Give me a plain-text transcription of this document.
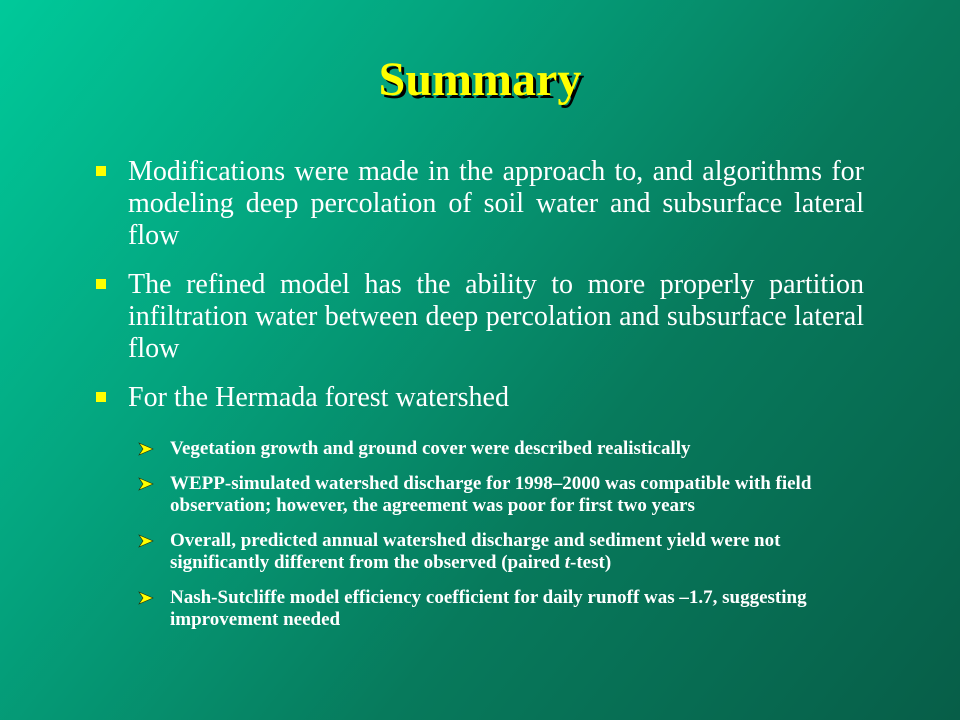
Summary
Modifications were made in the approach to, and algorithms for modeling deep percolation of soil water and subsurface lateral flow
The refined model has the ability to more properly partition infiltration water between deep percolation and subsurface lateral flow
For the Hermada forest watershed
Vegetation growth and ground cover were described realistically
WEPP-simulated watershed discharge for 1998–2000 was compatible with field observation; however, the agreement was poor for first two years
Overall, predicted annual watershed discharge and sediment yield were not significantly different from the observed (paired t-test)
Nash-Sutcliffe model efficiency coefficient for daily runoff was –1.7, suggesting improvement needed
